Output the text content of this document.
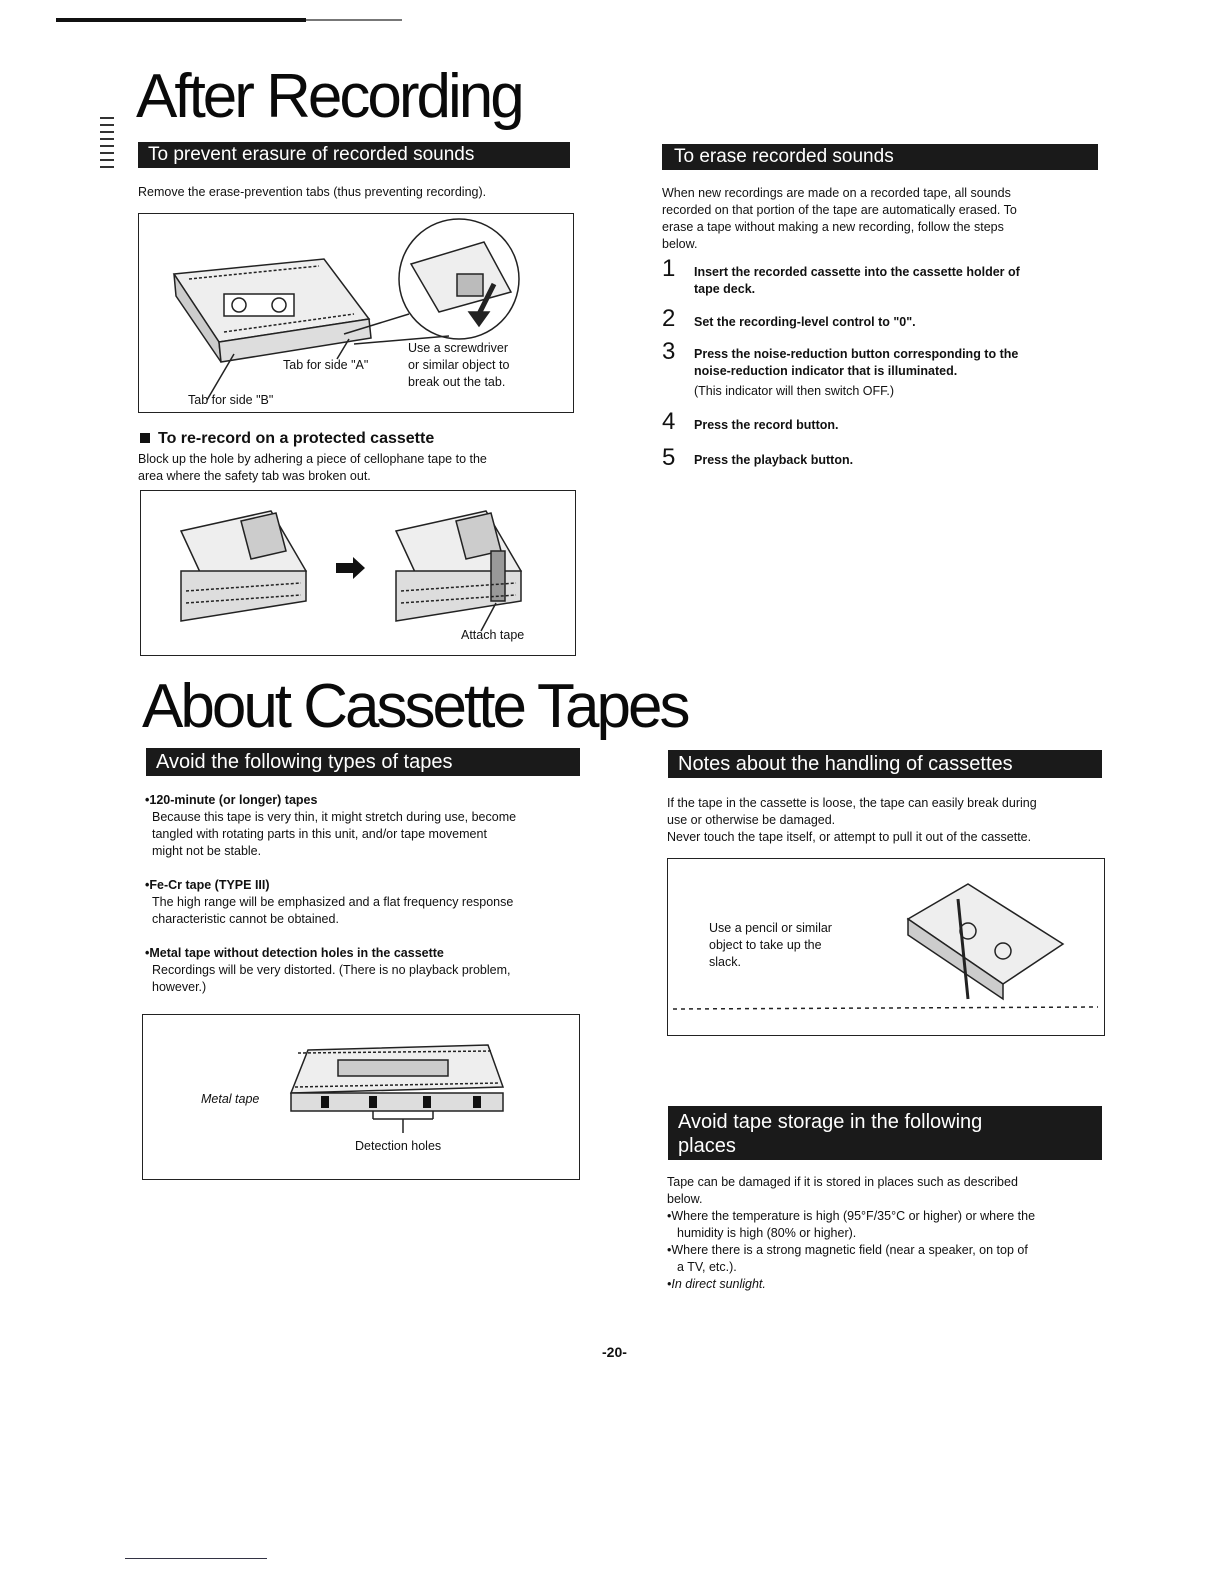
After Recording
To prevent erasure of recorded sounds
Remove the erase-prevention tabs (thus preventing recording).
Use a screwdriver
or similar object to
break out the tab.
Tab for side "A"
Tab for side "B"
To re-record on a protected cassette
Block up the hole by adhering a piece of cellophane tape to the
area where the safety tab was broken out.
Attach tape
To erase recorded sounds
When new recordings are made on a recorded tape, all sounds
recorded on that portion of the tape are automatically erased. To
erase a tape without making a new recording, follow the steps
below.
1 Insert the recorded cassette into the cassette holder of
tape deck.
2 Set the recording-level control to "0".
3 Press the noise-reduction button corresponding to the
noise-reduction indicator that is illuminated.
(This indicator will then switch OFF.)
4 Press the record button.
5 Press the playback button.
About Cassette Tapes
Avoid the following types of tapes
•120-minute (or longer) tapes
Because this tape is very thin, it might stretch during use, become
tangled with rotating parts in this unit, and/or tape movement
might not be stable.
•Fe-Cr tape (TYPE III)
The high range will be emphasized and a flat frequency response
characteristic cannot be obtained.
•Metal tape without detection holes in the cassette
Recordings will be very distorted. (There is no playback problem,
however.)
Metal tape
Detection holes
Notes about the handling of cassettes
If the tape in the cassette is loose, the tape can easily break during
use or otherwise be damaged.
Never touch the tape itself, or attempt to pull it out of the cassette.
Use a pencil or similar
object to take up the
slack.
Avoid tape storage in the following
places
Tape can be damaged if it is stored in places such as described
below.
•Where the temperature is high (95°F/35°C or higher) or where the
humidity is high (80% or higher).
•Where there is a strong magnetic field (near a speaker, on top of
a TV, etc.).
•In direct sunlight.
-20-
